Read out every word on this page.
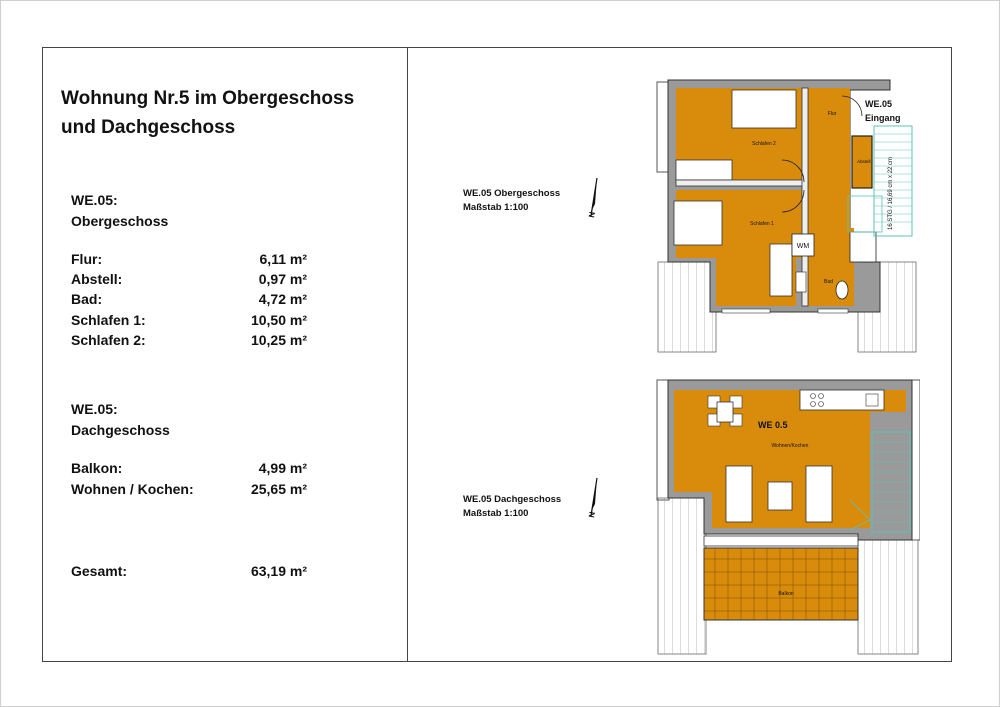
Wohnung Nr.5 im Obergeschoss
und Dachgeschoss
WE.05:
Obergeschoss
Flur:	6,11 m²
Abstell:	0,97 m²
Bad:	4,72 m²
Schlafen 1:	10,50 m²
Schlafen 2:	10,25 m²
WE.05:
Dachgeschoss
Balkon:	4,99 m²
Wohnen / Kochen:	25,65 m²
Gesamt:	63,19 m²
WE.05 Obergeschoss
Maßstab 1:100
WE.05 Dachgeschoss
Maßstab 1:100
N
N
WM
16 STG / 16,69 cm x 22 cm
WE.05
Eingang
Flur
Schlafen 2
Schlafen 1
Abstell
Bad
WE 0.5
Wohnen/Kochen
Balkon
